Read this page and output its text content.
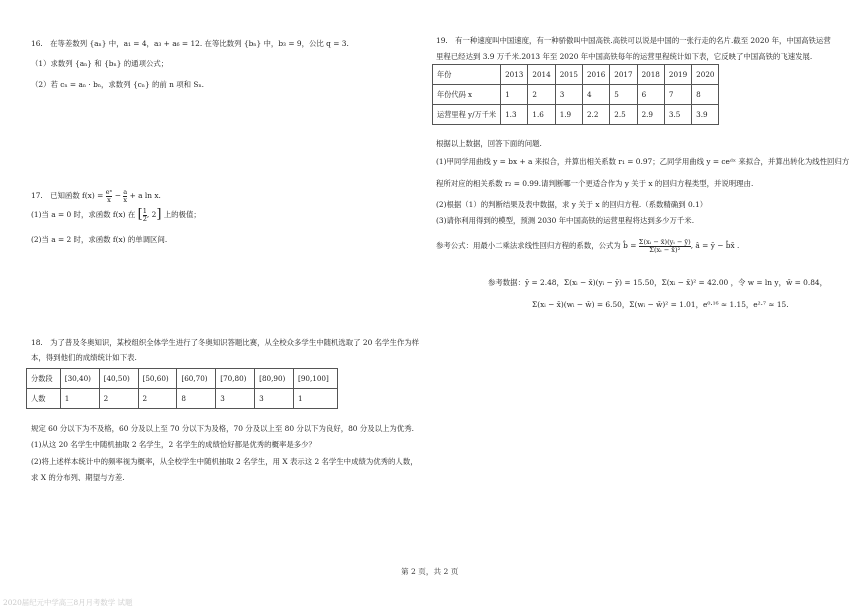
16.　在等差数列 {aₙ} 中，a₁ = 4，a₃ + a₆ = 12. 在等比数列 {bₙ} 中，b₃ = 9，公比 q = 3.
（1）求数列 {aₙ} 和 {bₙ} 的通项公式；
（2）若 cₙ = aₙ · bₙ，求数列 {cₙ} 的前 n 项和 Sₙ.
17.　已知函数 $f(x) = \frac{\text{eˣ}}{x} - \frac{a}{x} + a$ ln x.
(1)当 a = 0 时，求函数 f(x) 在 [ $\frac{1}{2}$ , 2] 上的极值；
(2)当 a = 2 时，求函数 f(x) 的单调区间.
18.　为了普及冬奥知识，某校组织全体学生进行了冬奥知识答题比赛，从全校众多学生中随机选取了 20 名学生作为样
本，得到他们的成绩统计如下表.
分数段	[30,40)	[40,50)	[50,60)	[60,70)	[70,80)	[80,90)	[90,100]
人数	1	2	2	8	3	3	1
规定 60 分以下为不及格，60 分及以上至 70 分以下为及格，70 分及以上至 80 分以下为良好，80 分及以上为优秀.
(1)从这 20 名学生中随机抽取 2 名学生，2 名学生的成绩恰好都是优秀的概率是多少？
(2)将上述样本统计中的频率视为概率，从全校学生中随机抽取 2 名学生，用 X 表示这 2 名学生中成绩为优秀的人数，
求 X 的分布列、期望与方差.
19.　有一种速度叫中国速度，有一种骄傲叫中国高铁.高铁可以说是中国的一张行走的名片.截至 2020 年，中国高铁运营
里程已经达到 3.9 万千米.2013 年至 2020 年中国高铁每年的运营里程统计如下表，它反映了中国高铁的飞速发展.
年份	2013	2014	2015	2016	2017	2018	2019	2020
年份代码 x	1	2	3	4	5	6	7	8
运营里程 y/万千米	1.3	1.6	1.9	2.2	2.5	2.9	3.5	3.9
根据以上数据，回答下面的问题.
(1)甲同学用曲线 y = bx + a 来拟合，并算出相关系数 r₁ = 0.97；乙同学用曲线 y = ceᵈˣ 来拟合，并算出转化为线性回归方
程所对应的相关系数 r₂ = 0.99.请判断哪一个更适合作为 y 关于 x 的回归方程类型，并说明理由.
(2)根据（1）的判断结果及表中数据，求 y 关于 x 的回归方程.（系数精确到 0.1）
(3)请你利用得到的模型，预测 2030 年中国高铁的运营里程将达到多少万千米.
参考公式：用最小二乘法求线性回归方程的系数，公式为 b̂ = $\frac{\text{Σ(xᵢ − x̄)(yᵢ − ȳ)}}{\text{Σ(xᵢ − x̄)²}}$ , â = ȳ − b̂x̄ .
参考数据：ȳ = 2.48，Σ(xᵢ − x̄)(yᵢ − ȳ) = 15.50，Σ(xᵢ − x̄)² = 42.00 ，令 w = ln y，w̄ = 0.84，
Σ(xᵢ − x̄)(wᵢ − w̄) = 6.50，Σ(wᵢ − w̄)² = 1.01，e⁰·¹⁶ ≈ 1.15，e²·⁷ ≈ 15.
第 2 页，共 2 页
2020届纪元中学高三8月月考数学 试题
